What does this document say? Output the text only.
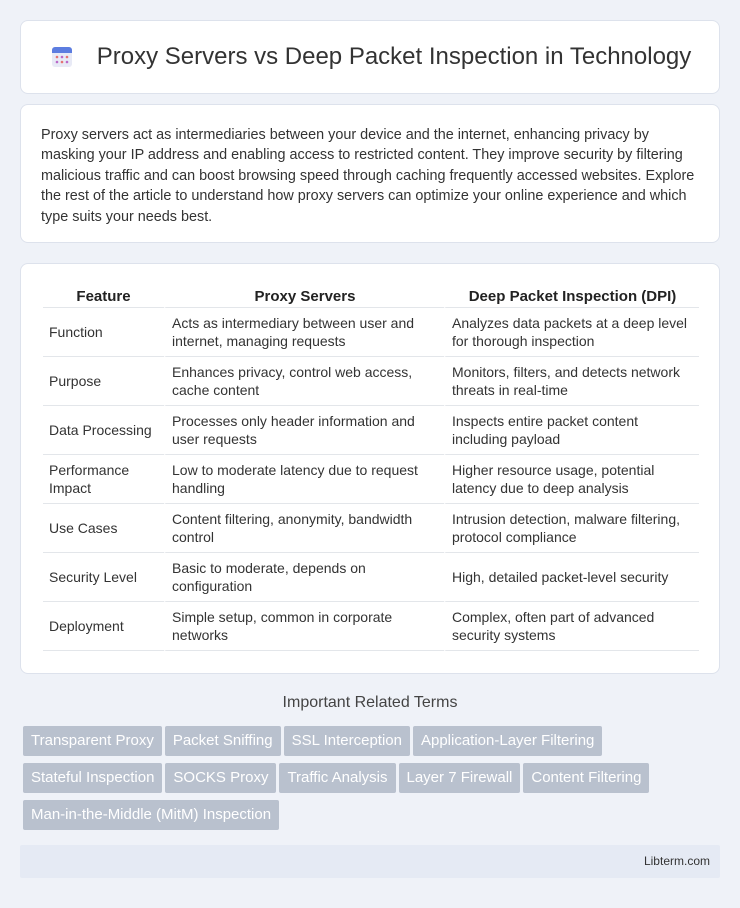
Proxy Servers vs Deep Packet Inspection in Technology

Proxy servers act as intermediaries between your device and the internet, enhancing privacy by masking your IP address and enabling access to restricted content. They improve security by filtering malicious traffic and can boost browsing speed through caching frequently accessed websites. Explore the rest of the article to understand how proxy servers can optimize your online experience and which type suits your needs best.

Feature	Proxy Servers	Deep Packet Inspection (DPI)
Function	Acts as intermediary between user and internet, managing requests	Analyzes data packets at a deep level for thorough inspection
Purpose	Enhances privacy, control web access, cache content	Monitors, filters, and detects network threats in real-time
Data Processing	Processes only header information and user requests	Inspects entire packet content including payload
Performance Impact	Low to moderate latency due to request handling	Higher resource usage, potential latency due to deep analysis
Use Cases	Content filtering, anonymity, bandwidth control	Intrusion detection, malware filtering, protocol compliance
Security Level	Basic to moderate, depends on configuration	High, detailed packet-level security
Deployment	Simple setup, common in corporate networks	Complex, often part of advanced security systems
Important Related Terms
Transparent Proxy Packet Sniffing SSL Interception Application-Layer Filtering
Stateful Inspection SOCKS Proxy Traffic Analysis Layer 7 Firewall Content Filtering
Man-in-the-Middle (MitM) Inspection
Libterm.com
